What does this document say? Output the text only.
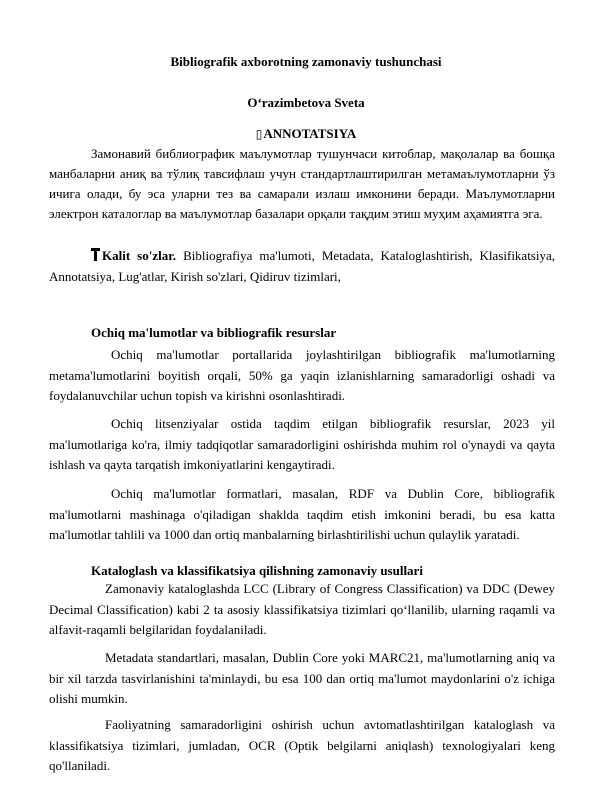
Bibliografik axborotning zamonaviy tushunchasi
O‘razimbetova Sveta
▯ANNOTATSIYA

Замонавий библиографик маълумотлар тушунчаси китоблар, мақолалар ва бошқа манбаларни аниқ ва тўлиқ тавсифлаш учун стандартлаштирилган метамаълумотларни ўз ичига олади, бу эса уларни тез ва самарали излаш имконини беради. Маълумотларни электрон каталоглар ва маълумотлар базалари орқали тақдим этиш муҳим аҳамиятга эга.

Kalit so'zlar. Bibliografiya ma'lumoti, Metadata, Kataloglashtirish, Klasifikatsiya, Annotatsiya, Lug'atlar, Kirish so'zlari, Qidiruv tizimlari,
Ochiq ma'lumotlar va bibliografik resurslar

Ochiq ma'lumotlar portallarida joylashtirilgan bibliografik ma'lumotlarning metama'lumotlarini boyitish orqali, 50% ga yaqin izlanishlarning samaradorligi oshadi va foydalanuvchilar uchun topish va kirishni osonlashtiradi.

Ochiq litsenziyalar ostida taqdim etilgan bibliografik resurslar, 2023 yil ma'lumotlariga ko'ra, ilmiy tadqiqotlar samaradorligini oshirishda muhim rol o'ynaydi va qayta ishlash va qayta tarqatish imkoniyatlarini kengaytiradi.

Ochiq ma'lumotlar formatlari, masalan, RDF va Dublin Core, bibliografik ma'lumotlarni mashinaga o'qiladigan shaklda taqdim etish imkonini beradi, bu esa katta ma'lumotlar tahlili va 1000 dan ortiq manbalarning birlashtirilishi uchun qulaylik yaratadi.

Kataloglash va klassifikatsiya qilishning zamonaviy usullari

Zamonaviy kataloglashda LCC (Library of Congress Classification) va DDC (Dewey Decimal Classification) kabi 2 ta asosiy klassifikatsiya tizimlari qo‘llanilib, ularning raqamli va alfavit-raqamli belgilaridan foydalaniladi.

Metadata standartlari, masalan, Dublin Core yoki MARC21, ma'lumotlarning aniq va bir xil tarzda tasvirlanishini ta'minlaydi, bu esa 100 dan ortiq ma'lumot maydonlarini o'z ichiga olishi mumkin.

Faoliyatning samaradorligini oshirish uchun avtomatlashtirilgan kataloglash va klassifikatsiya tizimlari, jumladan, OCR (Optik belgilarni aniqlash) texnologiyalari keng qo'llaniladi.
